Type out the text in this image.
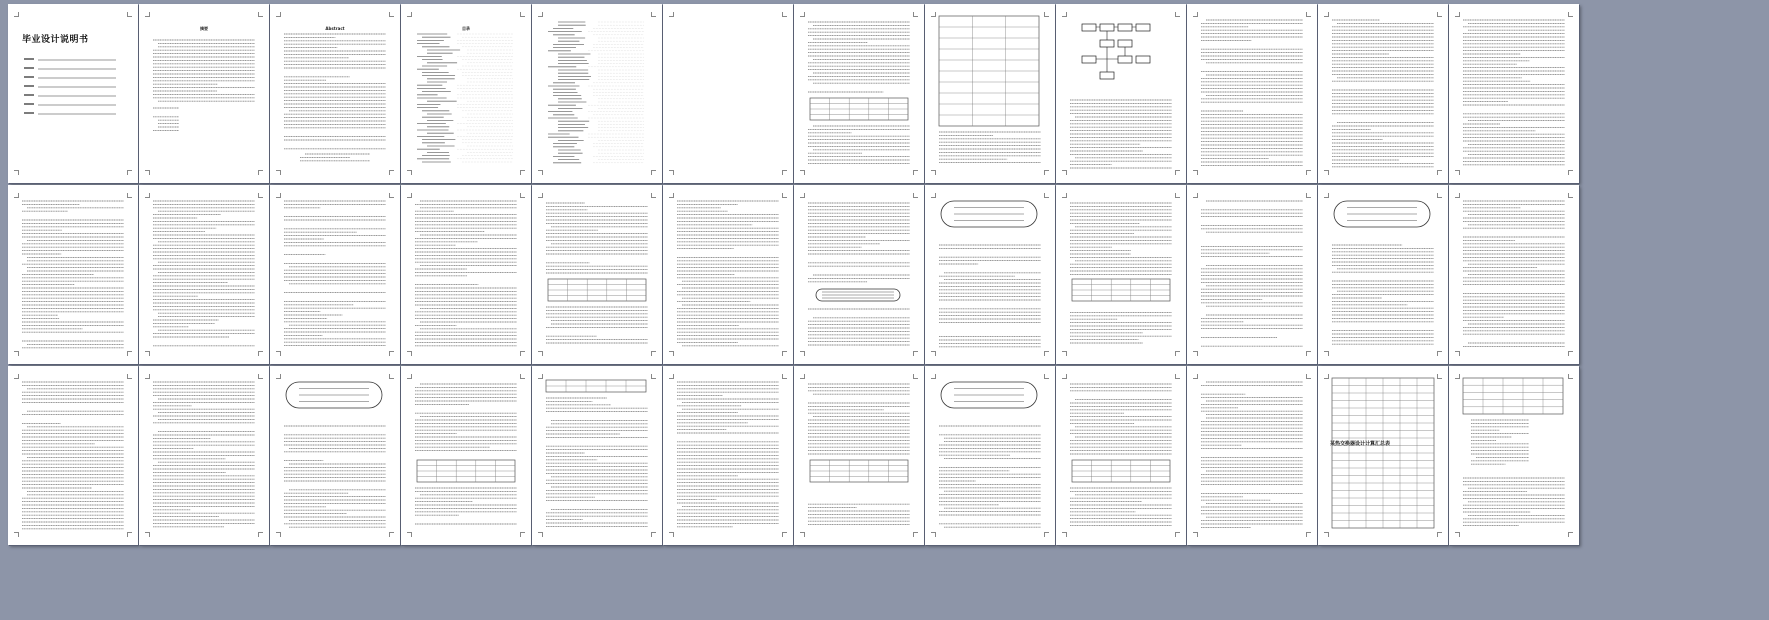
毕业设计说明书
摘要	Abstract	目录
某热交换器设计计算汇总表
